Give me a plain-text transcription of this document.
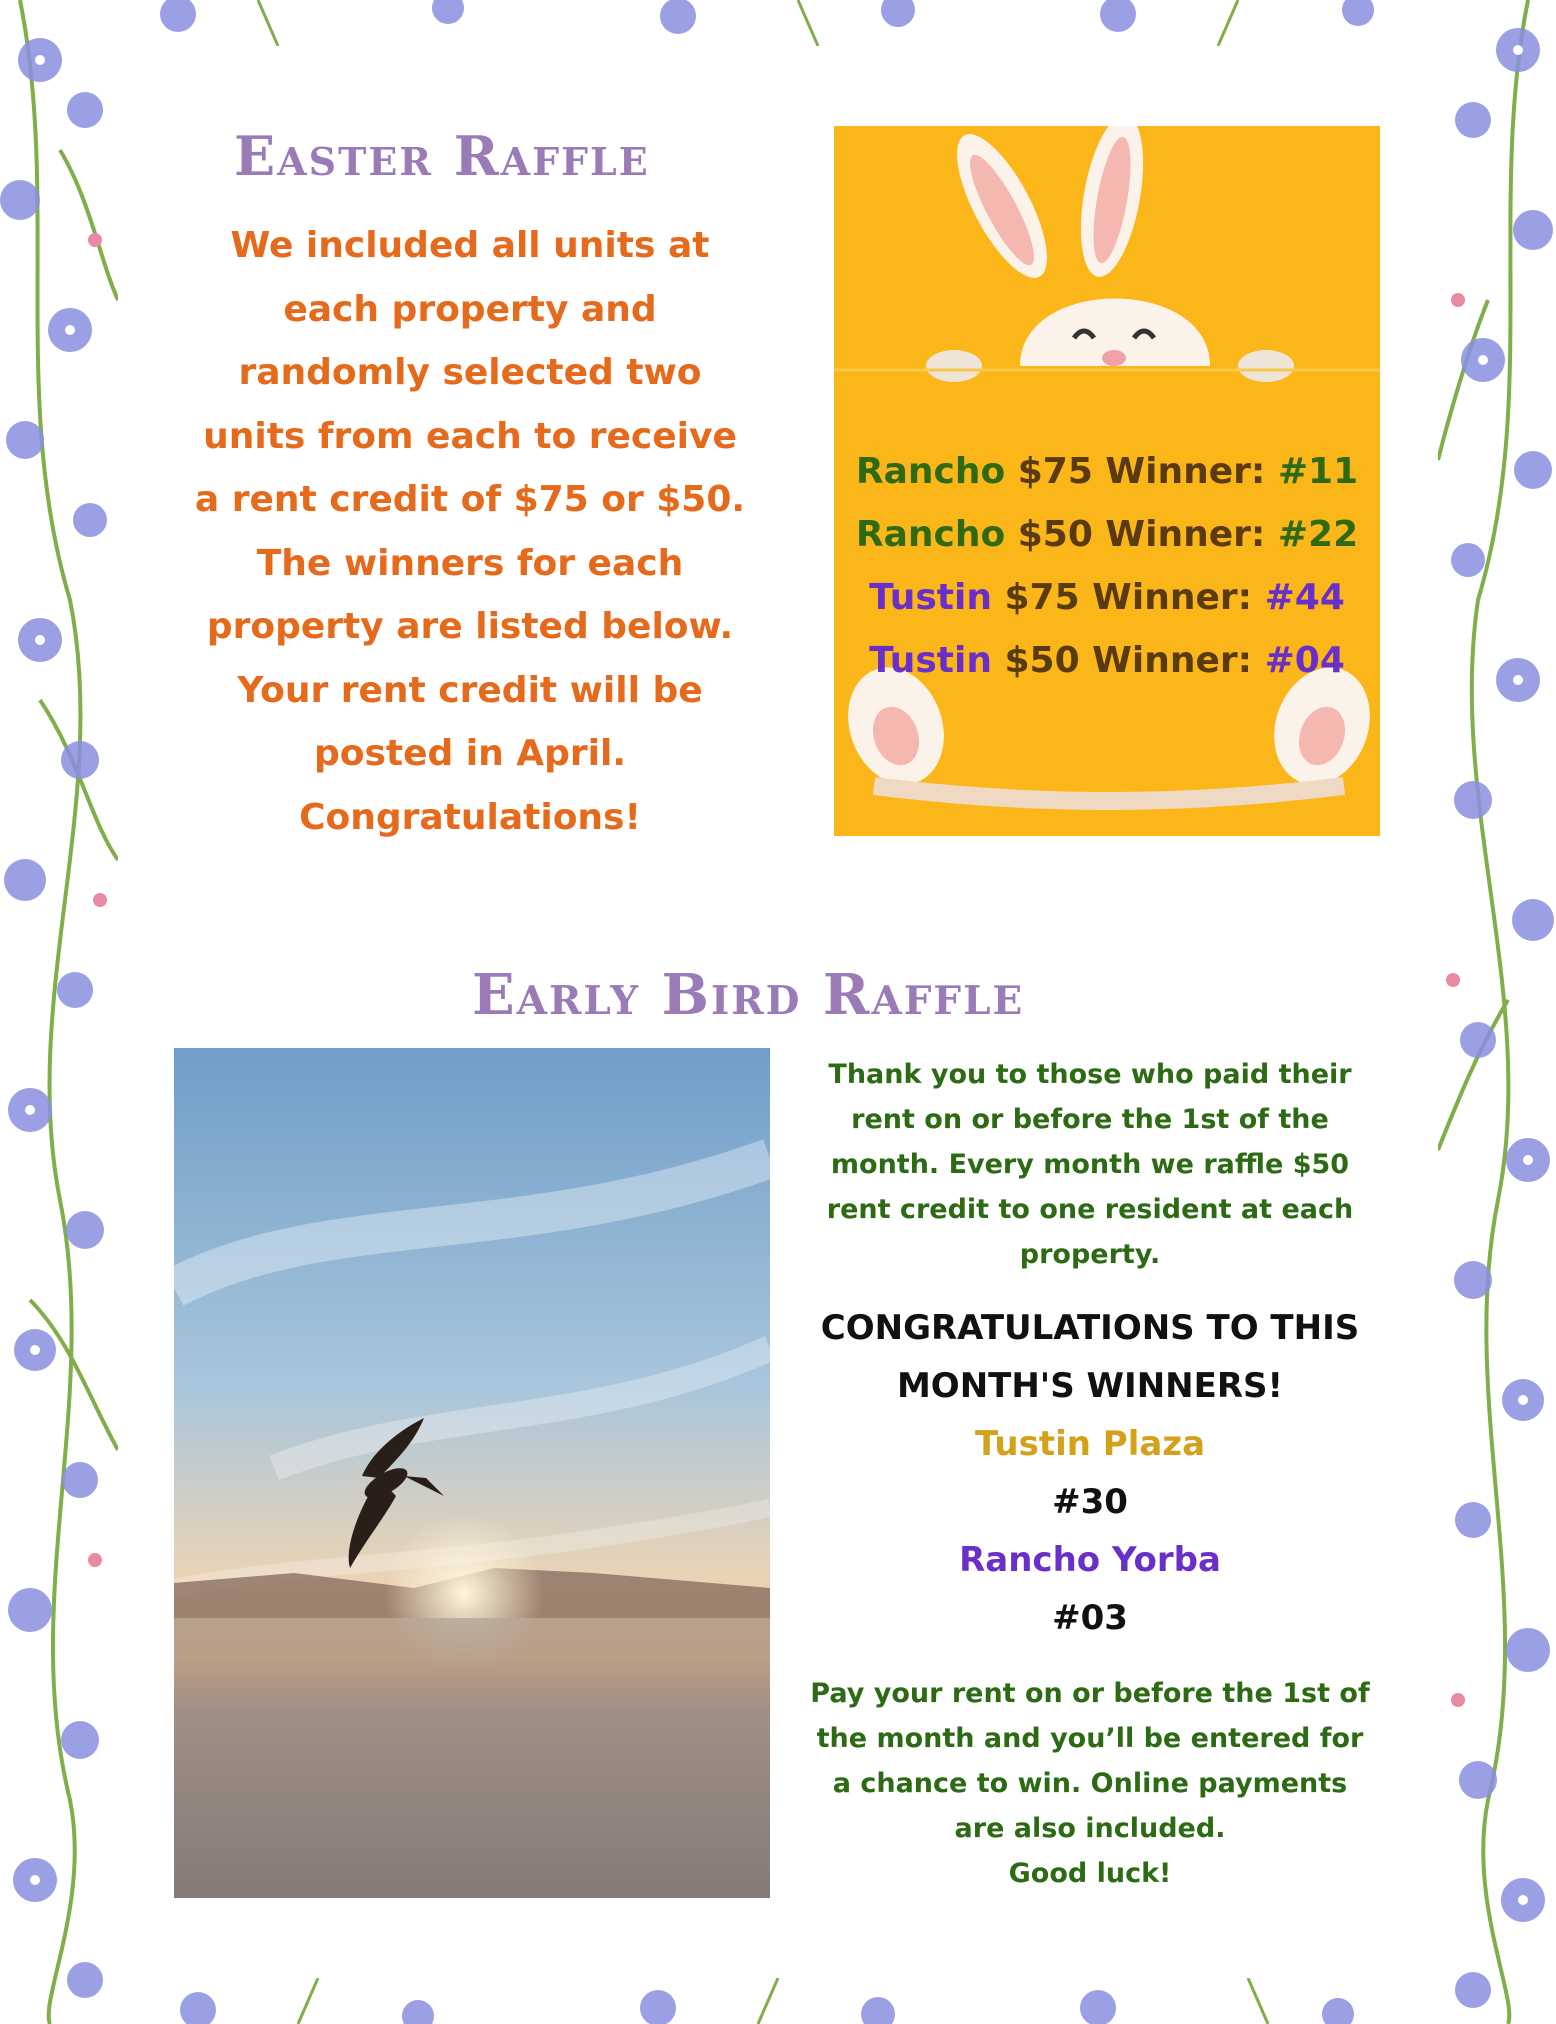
Easter Raffle
We included all units at
each property and
randomly selected two
units from each to receive
a rent credit of $75 or $50.
The winners for each
property are listed below.
Your rent credit will be
posted in April.
Congratulations!
Rancho $75 Winner: #11
Rancho $50 Winner: #22
Tustin $75 Winner: #44
Tustin $50 Winner: #04
Early Bird Raffle
Thank you to those who paid their
rent on or before the 1st of the
month. Every month we raffle $50
rent credit to one resident at each
property.
CONGRATULATIONS TO THIS
MONTH'S WINNERS!
Tustin Plaza
#30
Rancho Yorba
#03
Pay your rent on or before the 1st of
the month and you’ll be entered for
a chance to win. Online payments
are also included.
Good luck!
